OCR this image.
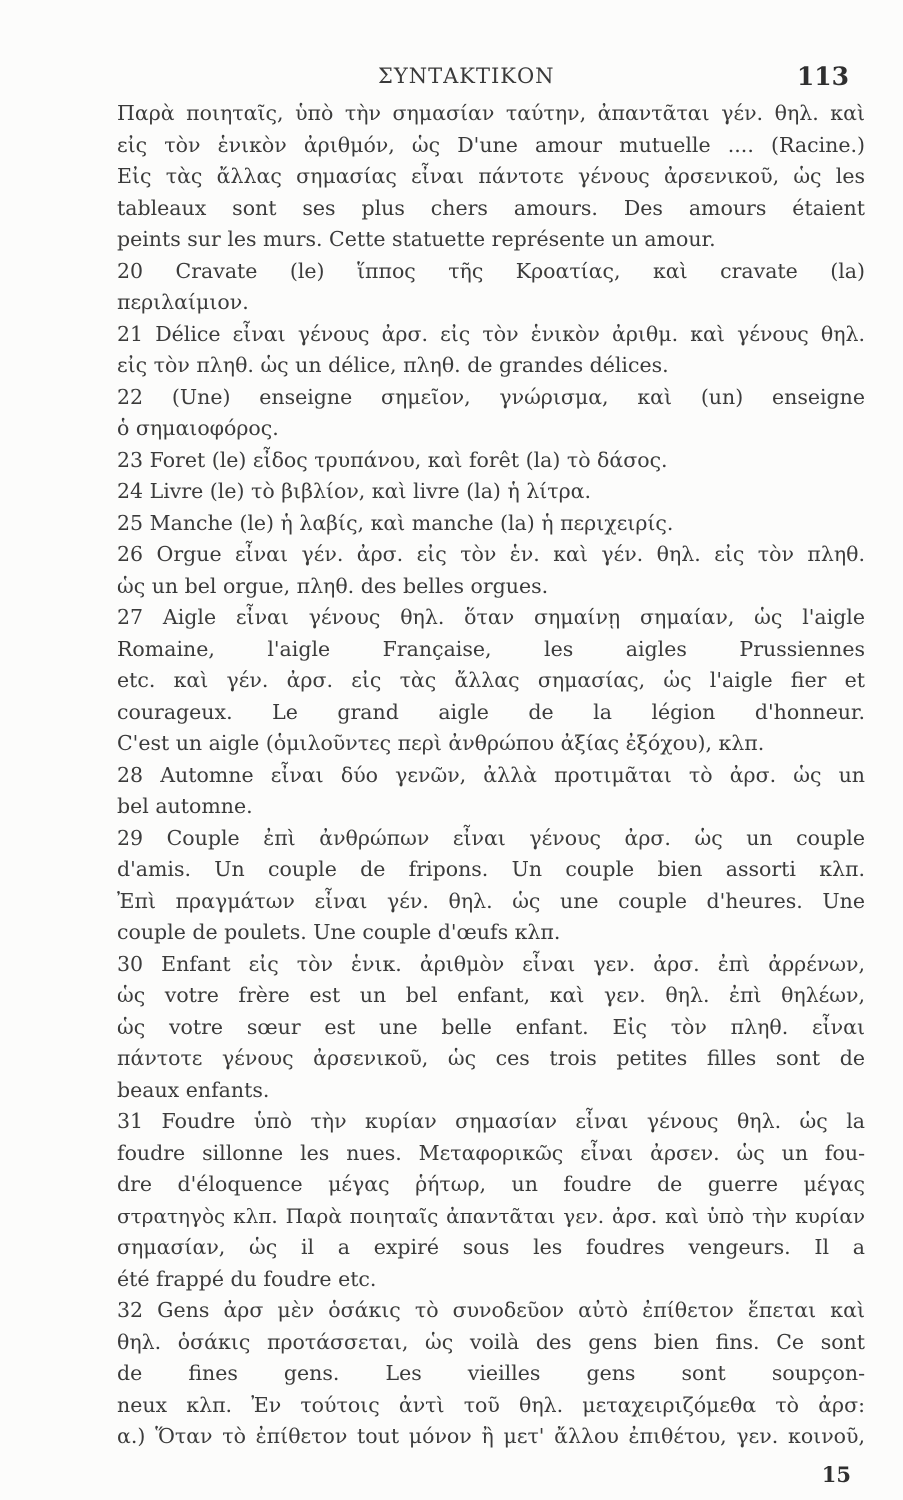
ΣΥΝΤΑΚΤΙΚΟΝ	113
Παρὰ ποιηταῖς, ὑπὸ τὴν σημασίαν ταύτην, ἀπαντᾶται γέν. θηλ. καὶ
εἰς τὸν ἑνικὸν ἀριθμόν, ὡς D'une amour mutuelle .... (Racine.)
Εἰς τὰς ἄλλας σημασίας εἶναι πάντοτε γένους ἀρσενικοῦ, ὡς les
tableaux sont ses plus chers amours. Des amours étaient
peints sur les murs. Cette statuette représente un amour.
20 Cravate (le) ἵππος τῆς Κροατίας, καὶ cravate (la)
περιλαίμιον.
21 Délice εἶναι γένους ἀρσ. εἰς τὸν ἑνικὸν ἀριθμ. καὶ γένους θηλ.
εἰς τὸν πληθ. ὡς un délice, πληθ. de grandes délices.
22 (Une) enseigne σημεῖον, γνώρισμα, καὶ (un) enseigne
ὁ σημαιοφόρος.
23 Foret (le) εἶδος τρυπάνου, καὶ forêt (la) τὸ δάσος.
24 Livre (le) τὸ βιβλίον, καὶ livre (la) ἡ λίτρα.
25 Manche (le) ἡ λαβίς, καὶ manche (la) ἡ περιχειρίς.
26 Orgue εἶναι γέν. ἀρσ. εἰς τὸν ἑν. καὶ γέν. θηλ. εἰς τὸν πληθ.
ὡς un bel orgue, πληθ. des belles orgues.
27 Aigle εἶναι γένους θηλ. ὅταν σημαίνῃ σημαίαν, ὡς l'aigle
Romaine, l'aigle Française, les aigles Prussiennes
etc. καὶ γέν. ἀρσ. εἰς τὰς ἄλλας σημασίας, ὡς l'aigle fier et
courageux. Le grand aigle de la légion d'honneur.
C'est un aigle (ὁμιλοῦντες περὶ ἀνθρώπου ἀξίας ἐξόχου), κλπ.
28 Automne εἶναι δύο γενῶν, ἀλλὰ προτιμᾶται τὸ ἀρσ. ὡς un
bel automne.
29 Couple ἐπὶ ἀνθρώπων εἶναι γένους ἀρσ. ὡς un couple
d'amis. Un couple de fripons. Un couple bien assorti κλπ.
Ἐπὶ πραγμάτων εἶναι γέν. θηλ. ὡς une couple d'heures. Une
couple de poulets. Une couple d'œufs κλπ.
30 Enfant εἰς τὸν ἑνικ. ἀριθμὸν εἶναι γεν. ἀρσ. ἐπὶ ἀρρένων,
ὡς votre frère est un bel enfant, καὶ γεν. θηλ. ἐπὶ θηλέων,
ὡς votre sœur est une belle enfant. Εἰς τὸν πληθ. εἶναι
πάντοτε γένους ἀρσενικοῦ, ὡς ces trois petites filles sont de
beaux enfants.
31 Foudre ὑπὸ τὴν κυρίαν σημασίαν εἶναι γένους θηλ. ὡς la
foudre sillonne les nues. Μεταφορικῶς εἶναι ἀρσεν. ὡς un fou-
dre d'éloquence μέγας ῥήτωρ, un foudre de guerre μέγας
στρατηγὸς κλπ. Παρὰ ποιηταῖς ἀπαντᾶται γεν. ἀρσ. καὶ ὑπὸ τὴν κυρίαν
σημασίαν, ὡς il a expiré sous les foudres vengeurs. Il a
été frappé du foudre etc.
32 Gens ἀρσ μὲν ὁσάκις τὸ συνοδεῦον αὐτὸ ἐπίθετον ἕπεται καὶ
θηλ. ὁσάκις προτάσσεται, ὡς voilà des gens bien fins. Ce sont
de fines gens. Les vieilles gens sont soupçon-
neux κλπ. Ἐν τούτοις ἀντὶ τοῦ θηλ. μεταχειριζόμεθα τὸ ἀρσ:
α.) Ὅταν τὸ ἐπίθετον tout μόνον ἢ μετ' ἄλλου ἐπιθέτου, γεν. κοινοῦ,
15
